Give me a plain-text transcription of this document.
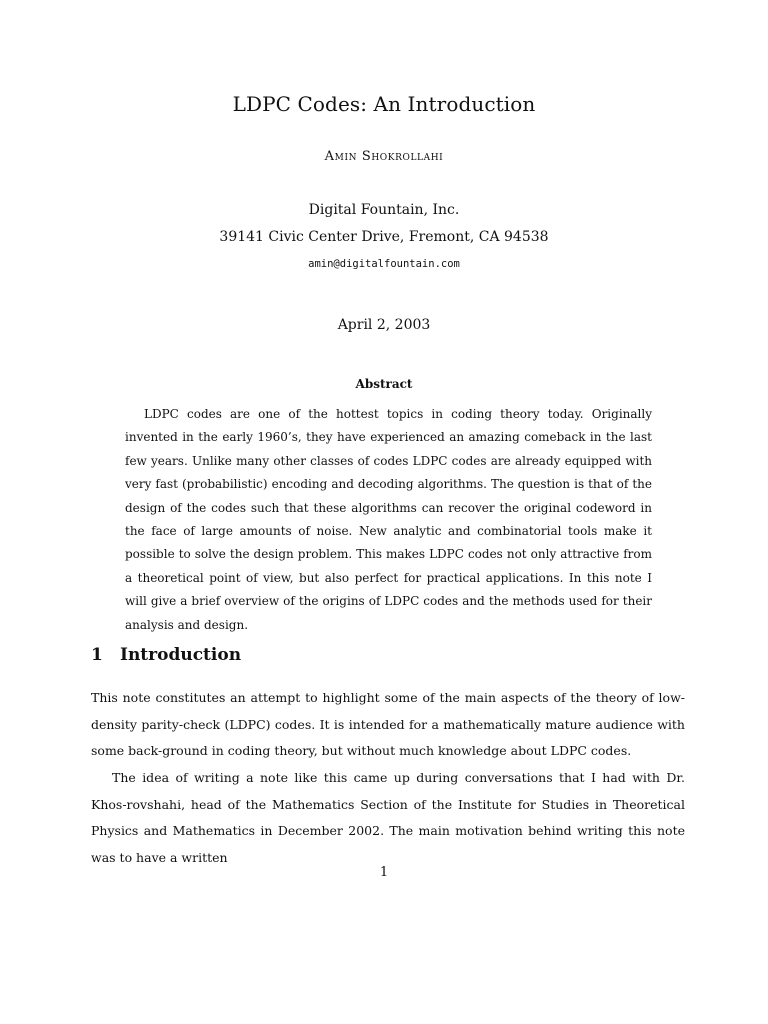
LDPC Codes: An Introduction
Amin Shokrollahi
Digital Fountain, Inc.
39141 Civic Center Drive, Fremont, CA 94538
amin@digitalfountain.com
April 2, 2003
Abstract

LDPC codes are one of the hottest topics in coding theory today. Originally invented in the early 1960’s, they have experienced an amazing comeback in the last few years. Unlike many other classes of codes LDPC codes are already equipped with very fast (probabilistic) encoding and decoding algorithms. The question is that of the design of the codes such that these algorithms can recover the original codeword in the face of large amounts of noise. New analytic and combinatorial tools make it possible to solve the design problem. This makes LDPC codes not only attractive from a theoretical point of view, but also perfect for practical applications. In this note I will give a brief overview of the origins of LDPC codes and the methods used for their analysis and design.

1 Introduction

This note constitutes an attempt to highlight some of the main aspects of the theory of low-density parity-check (LDPC) codes. It is intended for a mathematically mature audience with some back-ground in coding theory, but without much knowledge about LDPC codes.

The idea of writing a note like this came up during conversations that I had with Dr. Khos-rovshahi, head of the Mathematics Section of the Institute for Studies in Theoretical Physics and Mathematics in December 2002. The main motivation behind writing this note was to have a written

1
